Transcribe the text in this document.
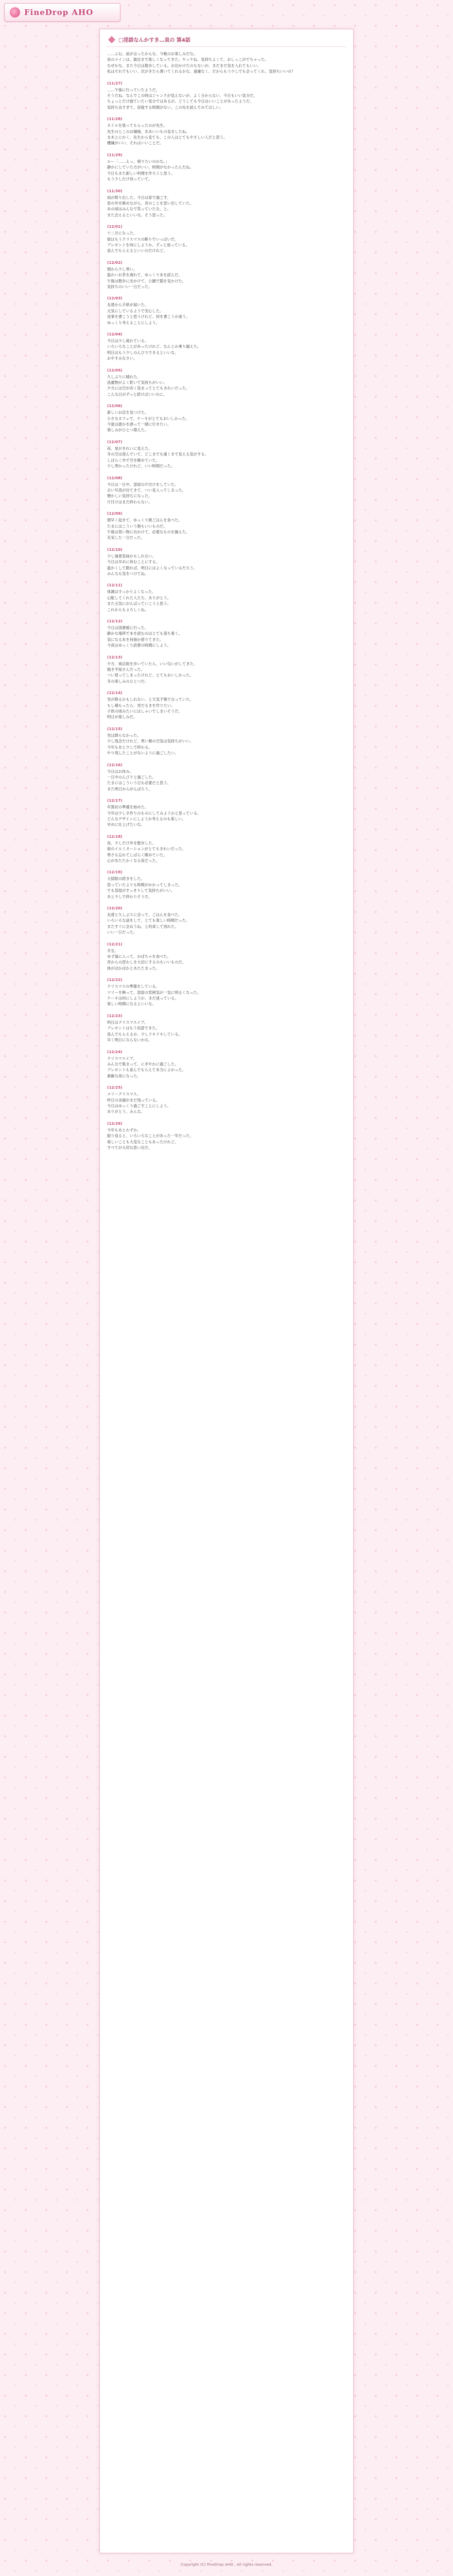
FineDrop AHO
□淫語なんかすき…哀の 第4話
……ふむ。前が言ったからな、今晩のお楽しみだな。
昼のメインは、最近まで楽しくなってきた。ヤッテね、気持ちよくて、おしっこがでちゃった。
なぜかな、また今日は散歩している。お出かけたのもないが、まだまだ気を入れてもいい。
私はそれでもいい、次がきたら書いてくれるかな、遠慮なく、だからもう少しでも会ってくれ、気持ちいいの？
(11/27)
……午後に行っていたようだ。
そうだね、なんでこの時はジャンクが見えないが、よく分からない、今日もいい気分だ。
ちょっとだけ寝ていたい気分ではあるが、どうしても今日はいいことがあったようだ。
気持ち良すぎて、昼寝する時間がない。この先を読んでみてほしい。
(11/28)
ネイルを塗ってもらったのが先生。
先生のとこのお嬢様、ああいいもの見ましたね。
まあとにかく、先生から見ても、この人はとてもやさしい人だと思う。
機嫌がいい、それはいいことだ。
(11/29)
ルー「……えっ、帰りたいのかな。」
静かにしていた方がいい、時間がなかったんだね。
今日もまた新しい料理を作ろうと思う。
もう少しだけ待っていて。
(11/30)
雨が降り出した、今日は家で過ごす。
窓の外を眺めながら、昔のことを思い出していた。
あの頃はみんなで笑っていたな、と。
また会えるといいな、そう思った。
(12/01)
十二月になった。
街はもうクリスマスの飾りでいっぱいだ。
プレゼントを何にしようか、ずっと迷っている。
喜んでもらえるといいのだけれど。
(12/02)
朝から少し寒い。
温かいお茶を淹れて、ゆっくり本を読んだ。
午後は散歩に出かけて、公園で猫を見かけた。
気持ちのいい一日だった。
(12/03)
友達から手紙が届いた。
元気にしているようで安心した。
返事を書こうと思うけれど、何を書こうか迷う。
ゆっくり考えることにしよう。
(12/04)
今日は少し疲れている。
いろいろなことがあったけれど、なんとか乗り越えた。
明日はもう少しのんびりできるといいな。
おやすみなさい。
(12/05)
久しぶりに晴れた。
洗濯物がよく乾いて気持ちがいい。
夕方には空が赤く染まってとてもきれいだった。
こんな日がずっと続けばいいのに。
(12/06)
新しいお店を見つけた。
小さなカフェで、ケーキがとてもおいしかった。
今度は誰かを誘って一緒に行きたい。
楽しみがひとつ増えた。
(12/07)
夜、星がきれいに見えた。
冬の空は澄んでいて、どこまでも遠くまで見える気がする。
しばらく外で空を眺めていた。
少し寒かったけれど、いい時間だった。
(12/08)
今日は一日中、部屋の片付けをしていた。
古い写真が出てきて、つい見入ってしまった。
懐かしい気持ちになった。
片付けはまだ終わらない。
(12/09)
朝早く起きて、ゆっくり朝ごはんを食べた。
たまにはこういう朝もいいものだ。
午後は買い物に出かけて、必要なものを揃えた。
充実した一日だった。
(12/10)
少し風邪気味かもしれない。
今日は早めに休むことにする。
温かくして眠れば、明日にはよくなっているだろう。
みんなも気をつけてね。
(12/11)
体調はすっかりよくなった。
心配してくれた人たち、ありがとう。
また元気にがんばっていこうと思う。
これからもよろしくね。
(12/12)
今日は図書館に行った。
静かな場所で本を読むのはとても落ち着く。
気になる本を何冊か借りてきた。
今夜はゆっくり読書の時間にしよう。
(12/13)
夕方、商店街を歩いていたら、いい匂いがしてきた。
焼き芋屋さんだった。
つい買ってしまったけれど、とてもおいしかった。
冬の楽しみのひとつだ。
(12/14)
雪が降るかもしれない、と天気予報で言っていた。
もし積もったら、雪だるまを作りたい。
子供の頃みたいにはしゃいでしまいそうだ。
明日が楽しみだ。
(12/15)
雪は降らなかった。
少し残念だけれど、寒い朝の空気は気持ちがいい。
今年もあと少しで終わる。
やり残したことがないように過ごしたい。
(12/16)
今日はお休み。
一日中のんびりと過ごした。
たまにはこういう日も必要だと思う。
また明日からがんばろう。
(12/17)
年賀状の準備を始めた。
今年は少し手作りのものにしてみようかと思っている。
どんなデザインにしようか考えるのも楽しい。
早めに仕上げたいな。
(12/18)
夜、少しだけ外を散歩した。
街のイルミネーションがとてもきれいだった。
寒さも忘れてしばらく眺めていた。
心があたたかくなる夜だった。
(12/19)
大掃除の続きをした。
思っていたよりも時間がかかってしまった。
でも部屋がすっきりして気持ちがいい。
あと少しで終わりそうだ。
(12/20)
友達と久しぶりに会って、ごはんを食べた。
いろいろな話をして、とても楽しい時間だった。
またすぐに会おうね、と約束して別れた。
いい一日だった。
(12/21)
冬至。
ゆず湯に入って、かぼちゃを食べた。
昔からの習わしを大切にするのもいいものだ。
体がぽかぽかとあたたまった。
(12/22)
クリスマスの準備をしている。
ツリーを飾って、部屋の雰囲気が一気に明るくなった。
ケーキは何にしようか、まだ迷っている。
楽しい時間になるといいな。
(12/23)
明日はクリスマスイブ。
プレゼントはもう用意できた。
喜んでもらえるか、少しドキドキしている。
早く明日にならないかな。
(12/24)
クリスマスイブ。
みんなで集まって、にぎやかに過ごした。
プレゼントも喜んでもらえて本当によかった。
素敵な夜になった。
(12/25)
メリークリスマス。
昨日の余韻がまだ残っている。
今日はゆっくり過ごすことにしよう。
ありがとう、みんな。
(12/26)
今年もあとわずか。
振り返ると、いろいろなことがあった一年だった。
楽しいことも大変なこともあったけれど、
すべてが大切な思い出だ。
Copyright (C) FineDrop AHO , All rights reserved.
